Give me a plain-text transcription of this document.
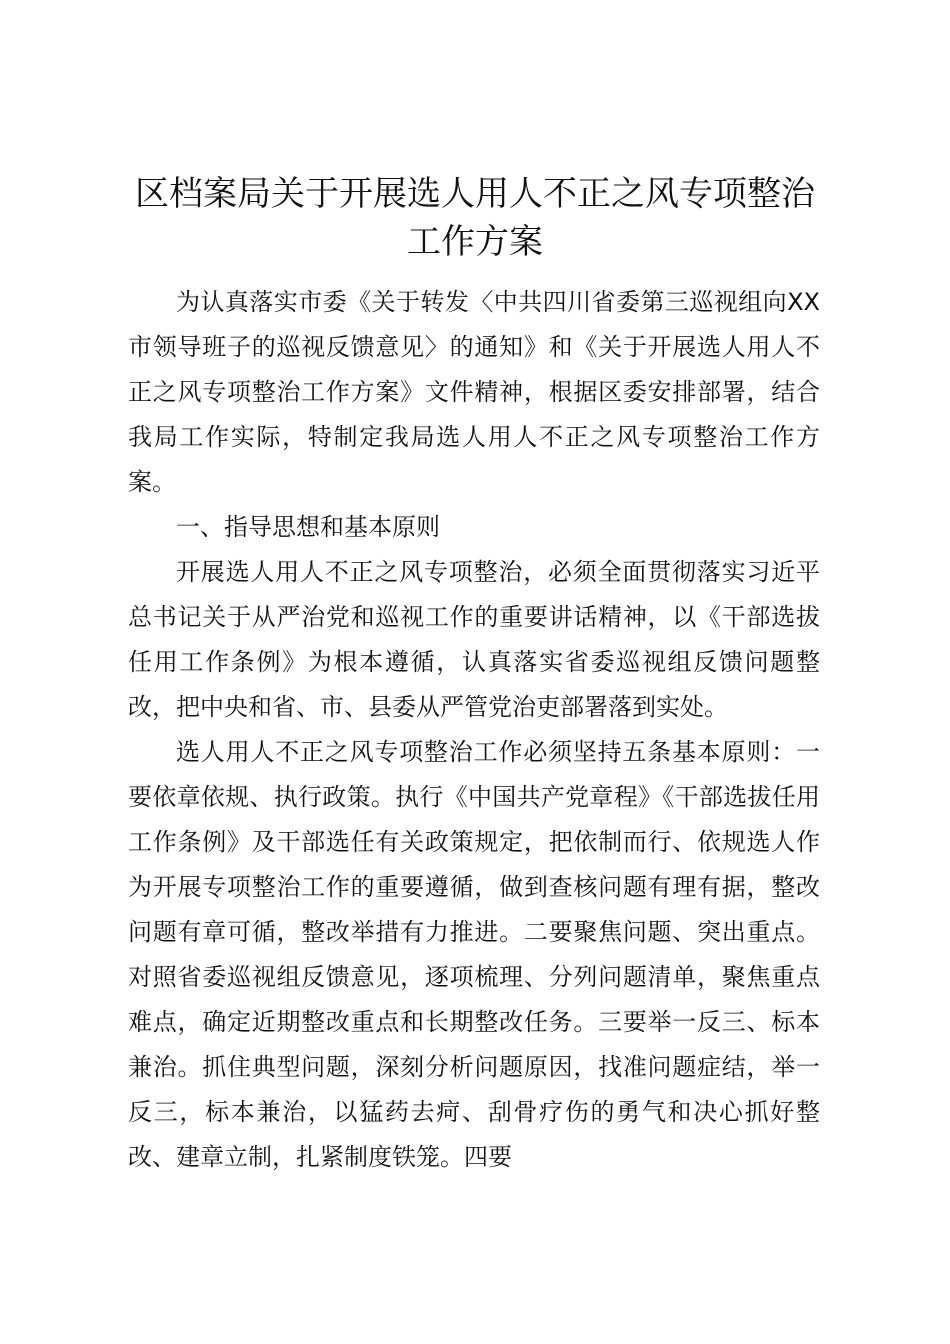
区档案局关于开展选人用人不正之风专项整治
工作方案

为认真落实市委《关于转发〈中共四川省委第三巡视组向XX市领导班子的巡视反馈意见〉的通知》和《关于开展选人用人不正之风专项整治工作方案》文件精神，根据区委安排部署，结合我局工作实际，特制定我局选人用人不正之风专项整治工作方案。

一、指导思想和基本原则

开展选人用人不正之风专项整治，必须全面贯彻落实习近平总书记关于从严治党和巡视工作的重要讲话精神，以《干部选拔任用工作条例》为根本遵循，认真落实省委巡视组反馈问题整改，把中央和省、市、县委从严管党治吏部署落到实处。

选人用人不正之风专项整治工作必须坚持五条基本原则：一要依章依规、执行政策。执行《中国共产党章程》《干部选拔任用工作条例》及干部选任有关政策规定，把依制而行、依规选人作为开展专项整治工作的重要遵循，做到查核问题有理有据，整改问题有章可循，整改举措有力推进。二要聚焦问题、突出重点。对照省委巡视组反馈意见，逐项梳理、分列问题清单，聚焦重点难点，确定近期整改重点和长期整改任务。三要举一反三、标本兼治。抓住典型问题，深刻分析问题原因，找准问题症结，举一反三，标本兼治，以猛药去疴、刮骨疗伤的勇气和决心抓好整改、建章立制，扎紧制度铁笼。四要
